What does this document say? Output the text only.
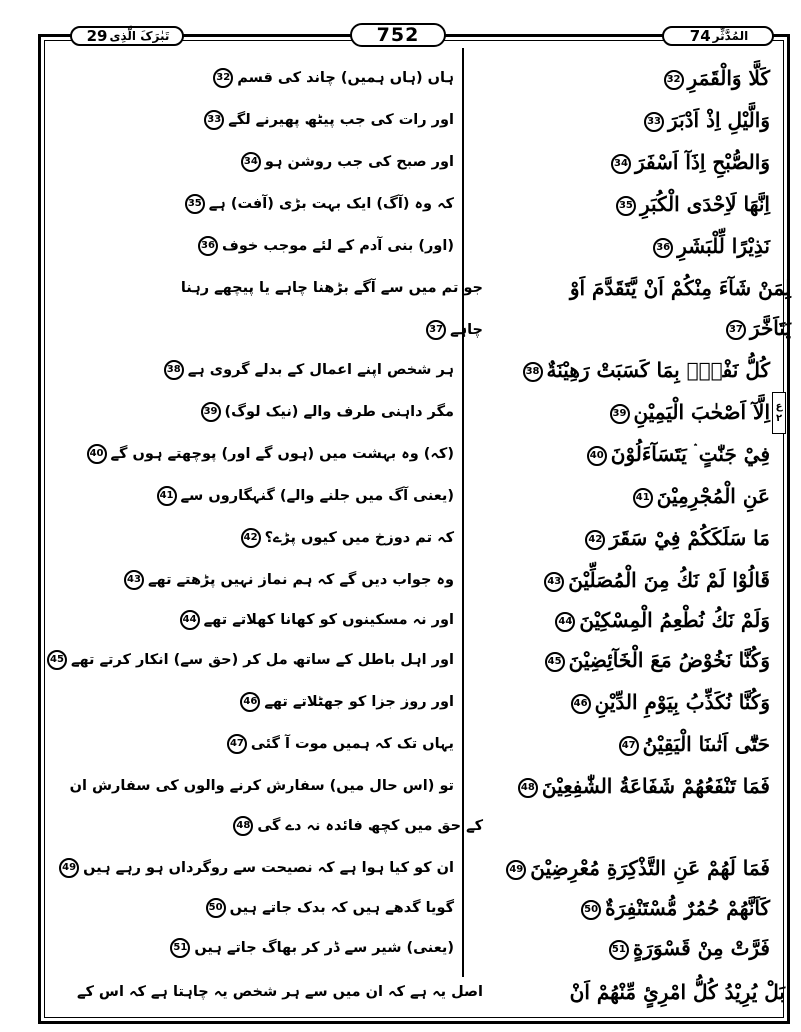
تَبٰرَکَ الَّذِی
29	752	المُدَّثِّر
74
ع
۲
كَلَّا وَالْقَمَرِ32
ہاں (ہاں ہمیں) چاند کی قسم32
وَالَّيْلِ اِذْ اَدْبَرَ33
اور رات کی جب پیٹھ پھیرنے لگے33
وَالصُّبْحِ اِذَآ اَسْفَرَ34
اور صبح کی جب روشن ہو34
اِنَّهَا لَاِحْدَى الْكُبَرِ35
کہ وہ (آگ) ایک بہت بڑی (آفت) ہے35
نَذِيْرًا لِّلْبَشَرِ36
(اور) بنی آدم کے لئے موجب خوف36
لِمَنْ شَآءَ مِنْكُمْ اَنْ يَّتَقَدَّمَ اَوْ
جو تم میں سے آگے بڑھنا چاہے یا پیچھے رہنا
يَتَاَخَّرَ37
چاہے37
كُلُّ نَفْسٍۢ بِمَا كَسَبَتْ رَهِيْنَةٌ38
ہر شخص اپنے اعمال کے بدلے گروی ہے38
اِلَّآ اَصْحٰبَ الْيَمِيْنِ39
مگر داہنی طرف والے (نیک لوگ)39
فِيْ جَنّٰتٍ ۛ يَتَسَآءَلُوْنَ40
(کہ) وہ بہشت میں (ہوں گے اور) پوچھتے ہوں گے40
عَنِ الْمُجْرِمِيْنَ41
(یعنی آگ میں جلنے والے) گنہگاروں سے41
مَا سَلَكَكُمْ فِيْ سَقَرَ42
کہ تم دوزخ میں کیوں پڑے؟42
قَالُوْا لَمْ نَكُ مِنَ الْمُصَلِّيْنَ43
وہ جواب دیں گے کہ ہم نماز نہیں پڑھتے تھے43
وَلَمْ نَكُ نُطْعِمُ الْمِسْكِيْنَ44
اور نہ مسکینوں کو کھانا کھلاتے تھے44
وَكُنَّا نَخُوْضُ مَعَ الْخَآئِضِيْنَ45
اور اہل باطل کے ساتھ مل کر (حق سے) انکار کرتے تھے45
وَكُنَّا نُكَذِّبُ بِيَوْمِ الدِّيْنِ46
اور روز جزا کو جھٹلاتے تھے46
حَتّٰٓى اَتٰىنَا الْيَقِيْنُ47
یہاں تک کہ ہمیں موت آ گئی47
فَمَا تَنْفَعُهُمْ شَفَاعَةُ الشّٰفِعِيْنَ48
تو (اس حال میں) سفارش کرنے والوں کی سفارش ان
کے حق میں کچھ فائدہ نہ دے گی48
فَمَا لَهُمْ عَنِ التَّذْكِرَةِ مُعْرِضِيْنَ49
ان کو کیا ہوا ہے کہ نصیحت سے روگرداں ہو رہے ہیں49
كَاَنَّهُمْ حُمُرٌ مُّسْتَنْفِرَةٌ50
گویا گدھے ہیں کہ بدک جاتے ہیں50
فَرَّتْ مِنْ قَسْوَرَةٍ51
(یعنی) شیر سے ڈر کر بھاگ جاتے ہیں51
بَلْ يُرِيْدُ كُلُّ امْرِئٍ مِّنْهُمْ اَنْ
اصل یہ ہے کہ ان میں سے ہر شخص یہ چاہتا ہے کہ اس کے
